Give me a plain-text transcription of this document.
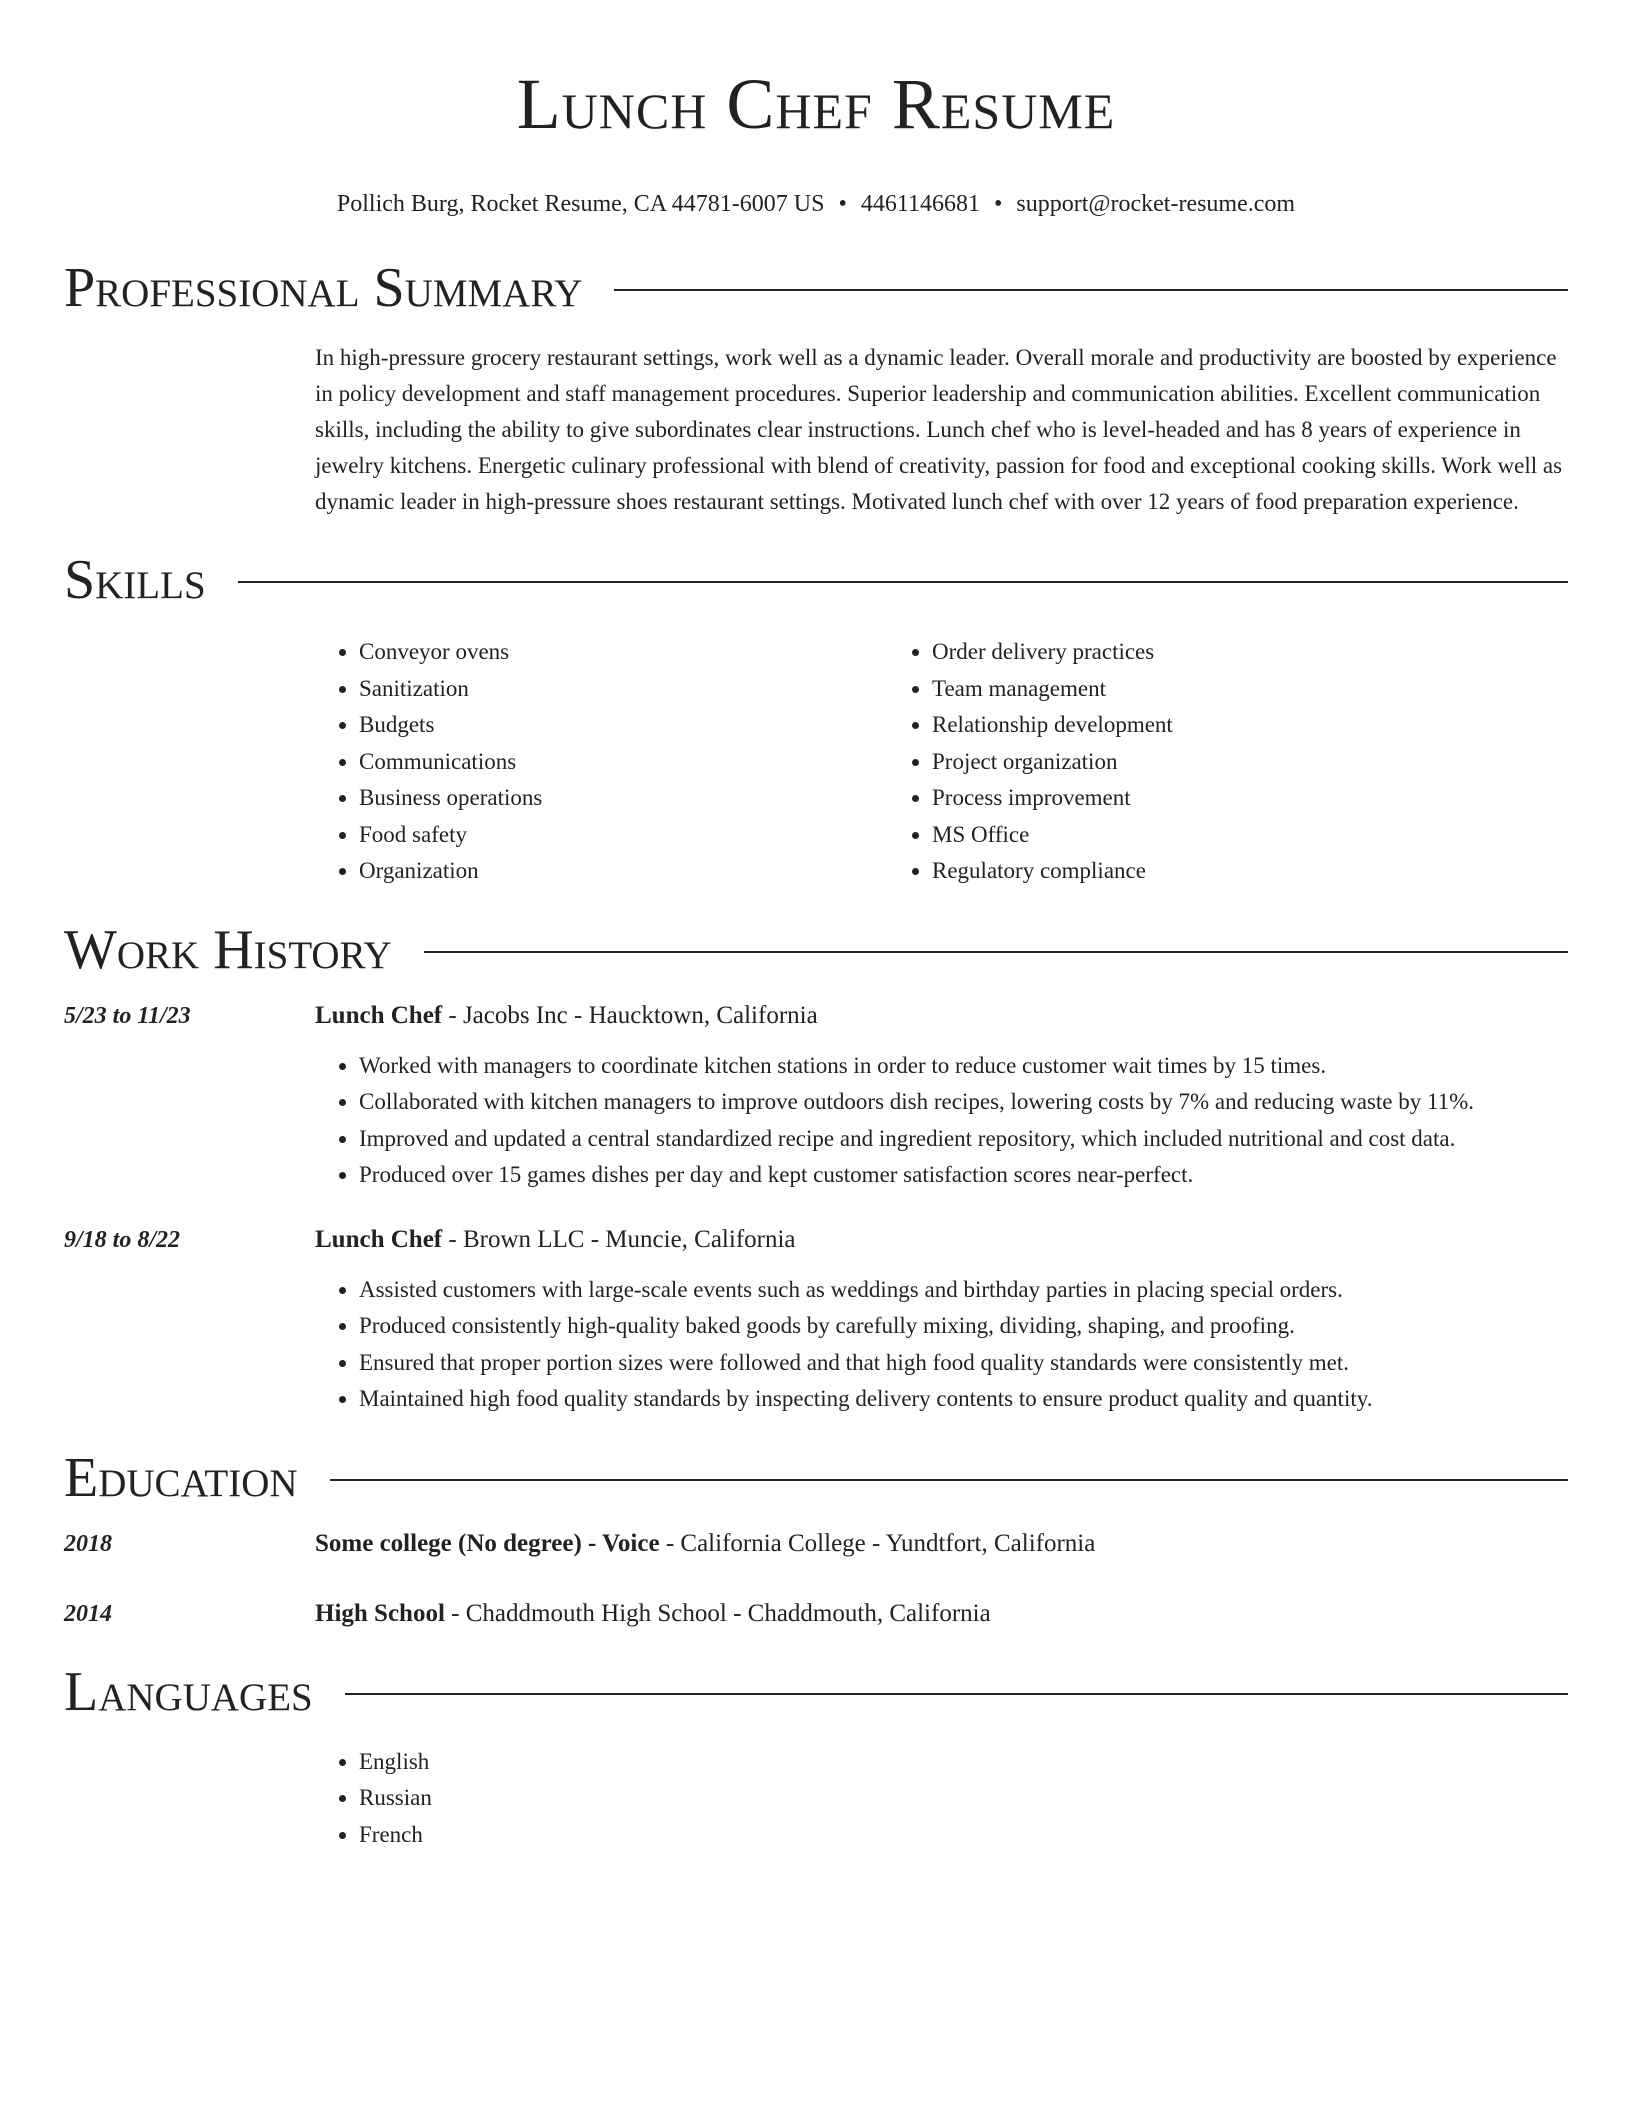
Lunch Chef Resume
Pollich Burg, Rocket Resume, CA 44781-6007 US • 4461146681 • support@rocket-resume.com
Professional Summary

In high-pressure grocery restaurant settings, work well as a dynamic leader. Overall morale and productivity are boosted by experience in policy development and staff management procedures. Superior leadership and communication abilities. Excellent communication skills, including the ability to give subordinates clear instructions. Lunch chef who is level-headed and has 8 years of experience in jewelry kitchens. Energetic culinary professional with blend of creativity, passion for food and exceptional cooking skills. Work well as dynamic leader in high-pressure shoes restaurant settings. Motivated lunch chef with over 12 years of food preparation experience.

Skills
• Conveyor ovens
• Sanitization
• Budgets
• Communications
• Business operations
• Food safety
• Organization
• Order delivery practices
• Team management
• Relationship development
• Project organization
• Process improvement
• MS Office
• Regulatory compliance
Work History
5/23 to 11/23	Lunch Chef - Jacobs Inc - Haucktown, California
• Worked with managers to coordinate kitchen stations in order to reduce customer wait times by 15 times.
• Collaborated with kitchen managers to improve outdoors dish recipes, lowering costs by 7% and reducing waste by 11%.
• Improved and updated a central standardized recipe and ingredient repository, which included nutritional and cost data.
• Produced over 15 games dishes per day and kept customer satisfaction scores near-perfect.
9/18 to 8/22	Lunch Chef - Brown LLC - Muncie, California
• Assisted customers with large-scale events such as weddings and birthday parties in placing special orders.
• Produced consistently high-quality baked goods by carefully mixing, dividing, shaping, and proofing.
• Ensured that proper portion sizes were followed and that high food quality standards were consistently met.
• Maintained high food quality standards by inspecting delivery contents to ensure product quality and quantity.
Education
2018	Some college (No degree) - Voice - California College - Yundtfort, California
2014	High School - Chaddmouth High School - Chaddmouth, California
Languages
• English
• Russian
• French
